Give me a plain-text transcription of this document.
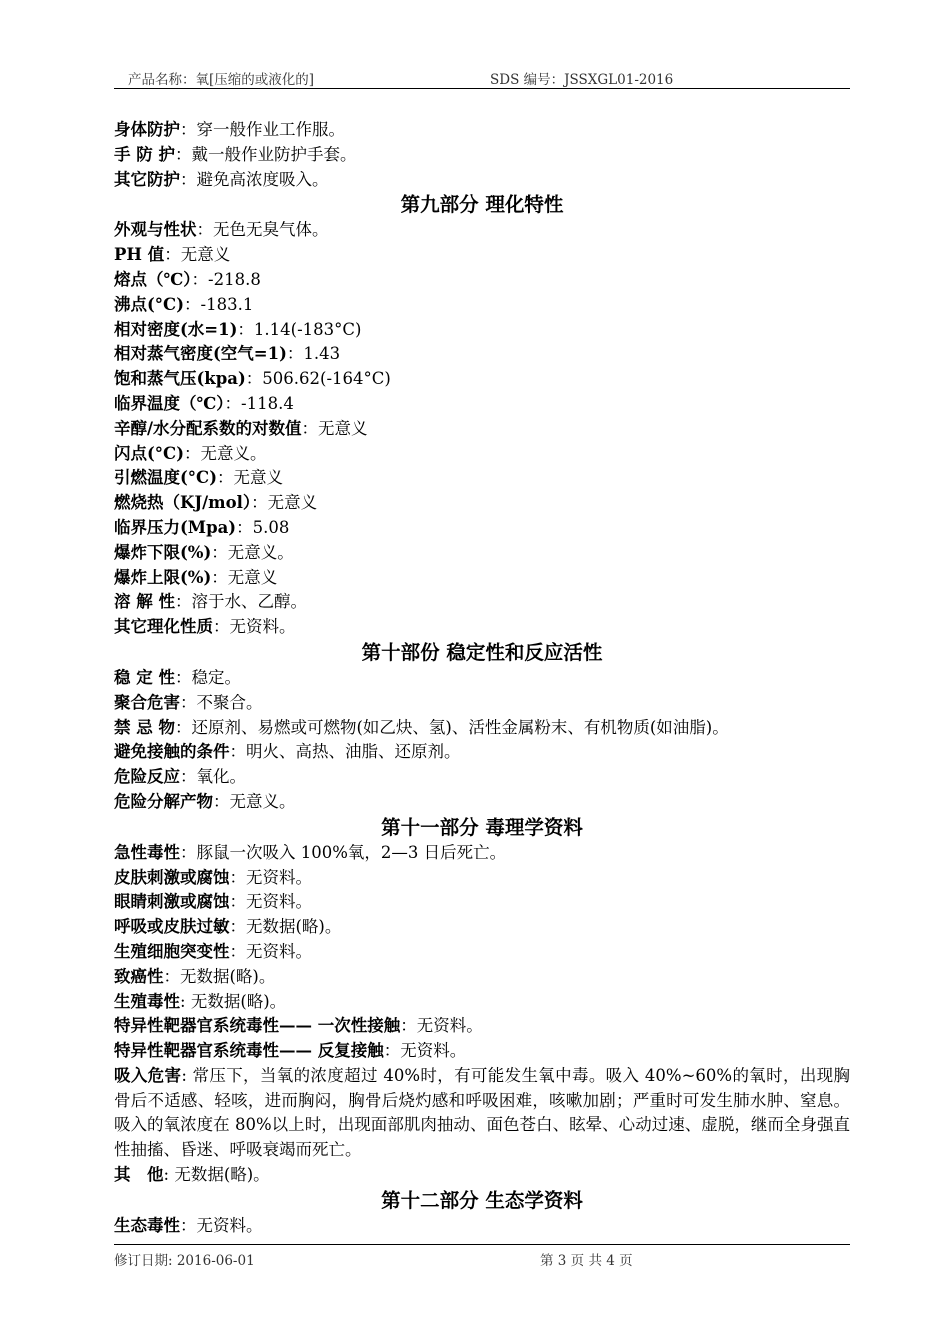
产品名称：氧[压缩的或液化的]	SDS 编号：JSSXGL01-2016
身体防护：穿一般作业工作服。
手 防 护：戴一般作业防护手套。
其它防护：避免高浓度吸入。
第九部分 理化特性
外观与性状：无色无臭气体。
PH 值：无意义
熔点（℃）：-218.8
沸点(°C)：-183.1
相对密度(水=1)：1.14(-183°C)
相对蒸气密度(空气=1)：1.43
饱和蒸气压(kpa)：506.62(-164°C)
临界温度（℃）：-118.4
辛醇/水分配系数的对数值：无意义
闪点(°C)：无意义。
引燃温度(°C)：无意义
燃烧热（KJ/mol）：无意义
临界压力(Mpa)：5.08
爆炸下限(%)：无意义。
爆炸上限(%)：无意义
溶 解 性：溶于水、乙醇。
其它理化性质：无资料。
第十部份 稳定性和反应活性
稳 定 性：稳定。
聚合危害：不聚合。
禁 忌 物：还原剂、易燃或可燃物(如乙炔、氢)、活性金属粉末、有机物质(如油脂)。
避免接触的条件：明火、高热、油脂、还原剂。
危险反应：氧化。
危险分解产物：无意义。
第十一部分 毒理学资料
急性毒性：豚鼠一次吸入 100%氧，2—3 日后死亡。
皮肤刺激或腐蚀：无资料。
眼睛刺激或腐蚀：无资料。
呼吸或皮肤过敏：无数据(略)。
生殖细胞突变性：无资料。
致癌性：无数据(略)。
生殖毒性: 无数据(略)。
特异性靶器官系统毒性—— 一次性接触：无资料。
特异性靶器官系统毒性—— 反复接触：无资料。
吸入危害: 常压下，当氧的浓度超过 40%时，有可能发生氧中毒。吸入 40%~60%的氧时，出现胸骨后不适感、轻咳，进而胸闷，胸骨后烧灼感和呼吸困难，咳嗽加剧；严重时可发生肺水肿、窒息。吸入的氧浓度在 80%以上时，出现面部肌肉抽动、面色苍白、眩晕、心动过速、虚脱，继而全身强直性抽搐、昏迷、呼吸衰竭而死亡。
其　他: 无数据(略)。
第十二部分 生态学资料
生态毒性：无资料。
修订日期: 2016-06-01	第 3 页 共 4 页
